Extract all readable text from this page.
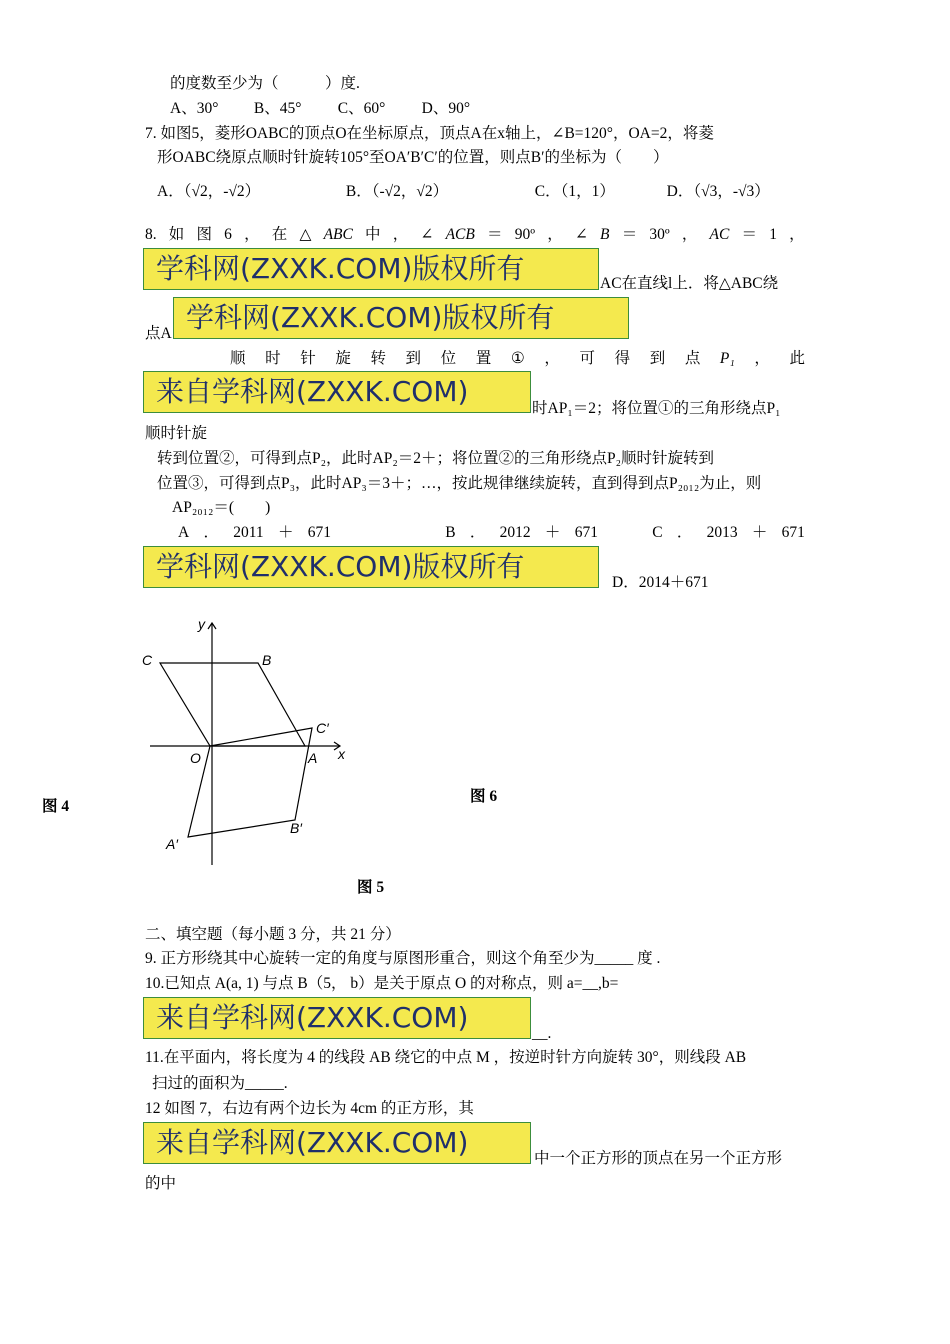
的度数至少为（　　　）度.
A、30° B、45° C、60° D、90°
7. 如图5，菱形OABC的顶点O在坐标原点，顶点A在x轴上，∠B=120°，OA=2，将菱
形OABC绕原点顺时针旋转105°至OA′B′C′的位置，则点B′的坐标为（　　）
A．（√2，-√2）	B．（-√2，√2）	C．（1，1）	D．（√3，-√3）
8. 如 图 6 ， 在 △ ABC 中 ， ∠ ACB ＝ 90º ， ∠ B ＝ 30º ， AC ＝ 1 ，
学科网(ZXXK.COM)版权所有	AC在直线l上．将△ABC绕
点A 学科网(ZXXK.COM)版权所有
顺 时 针 旋 转 到 位 置 ① ， 可 得 到 点 P₁ ， 此
来自学科网(ZXXK.COM)
时AP₁＝2；将位置①的三角形绕点P₁
顺时针旋
转到位置②，可得到点P₂，此时AP₂＝2＋；将位置②的三角形绕点P₂顺时针旋转到
位置③，可得到点P₃，此时AP₃＝3＋；…，按此规律继续旋转，直到得到点P₂₀₁₂为止，则
AP₂₀₁₂＝(　　)
A ． 2011 ＋ 671	B ． 2012 ＋ 671	C ． 2013 ＋ 671
学科网(ZXXK.COM)版权所有	D．2014＋671
y
x
C	B
C′
O	A
B′
A′
图 4
图 6
图 5
二、填空题（每小题 3 分，共 21 分）
9. 正方形绕其中心旋转一定的角度与原图形重合，则这个角至少为_____ 度 .
10.已知点 A(a, 1) 与点 B（5， b）是关于原点 O 的对称点，则 a=__,b=
来自学科网(ZXXK.COM)	__.
11.在平面内，将长度为 4 的线段 AB 绕它的中点 M ，按逆时针方向旋转 30°，则线段 AB
扫过的面积为_____.
12 如图 7，右边有两个边长为 4cm 的正方形，其
来自学科网(ZXXK.COM)	中一个正方形的顶点在另一个正方形
的中
